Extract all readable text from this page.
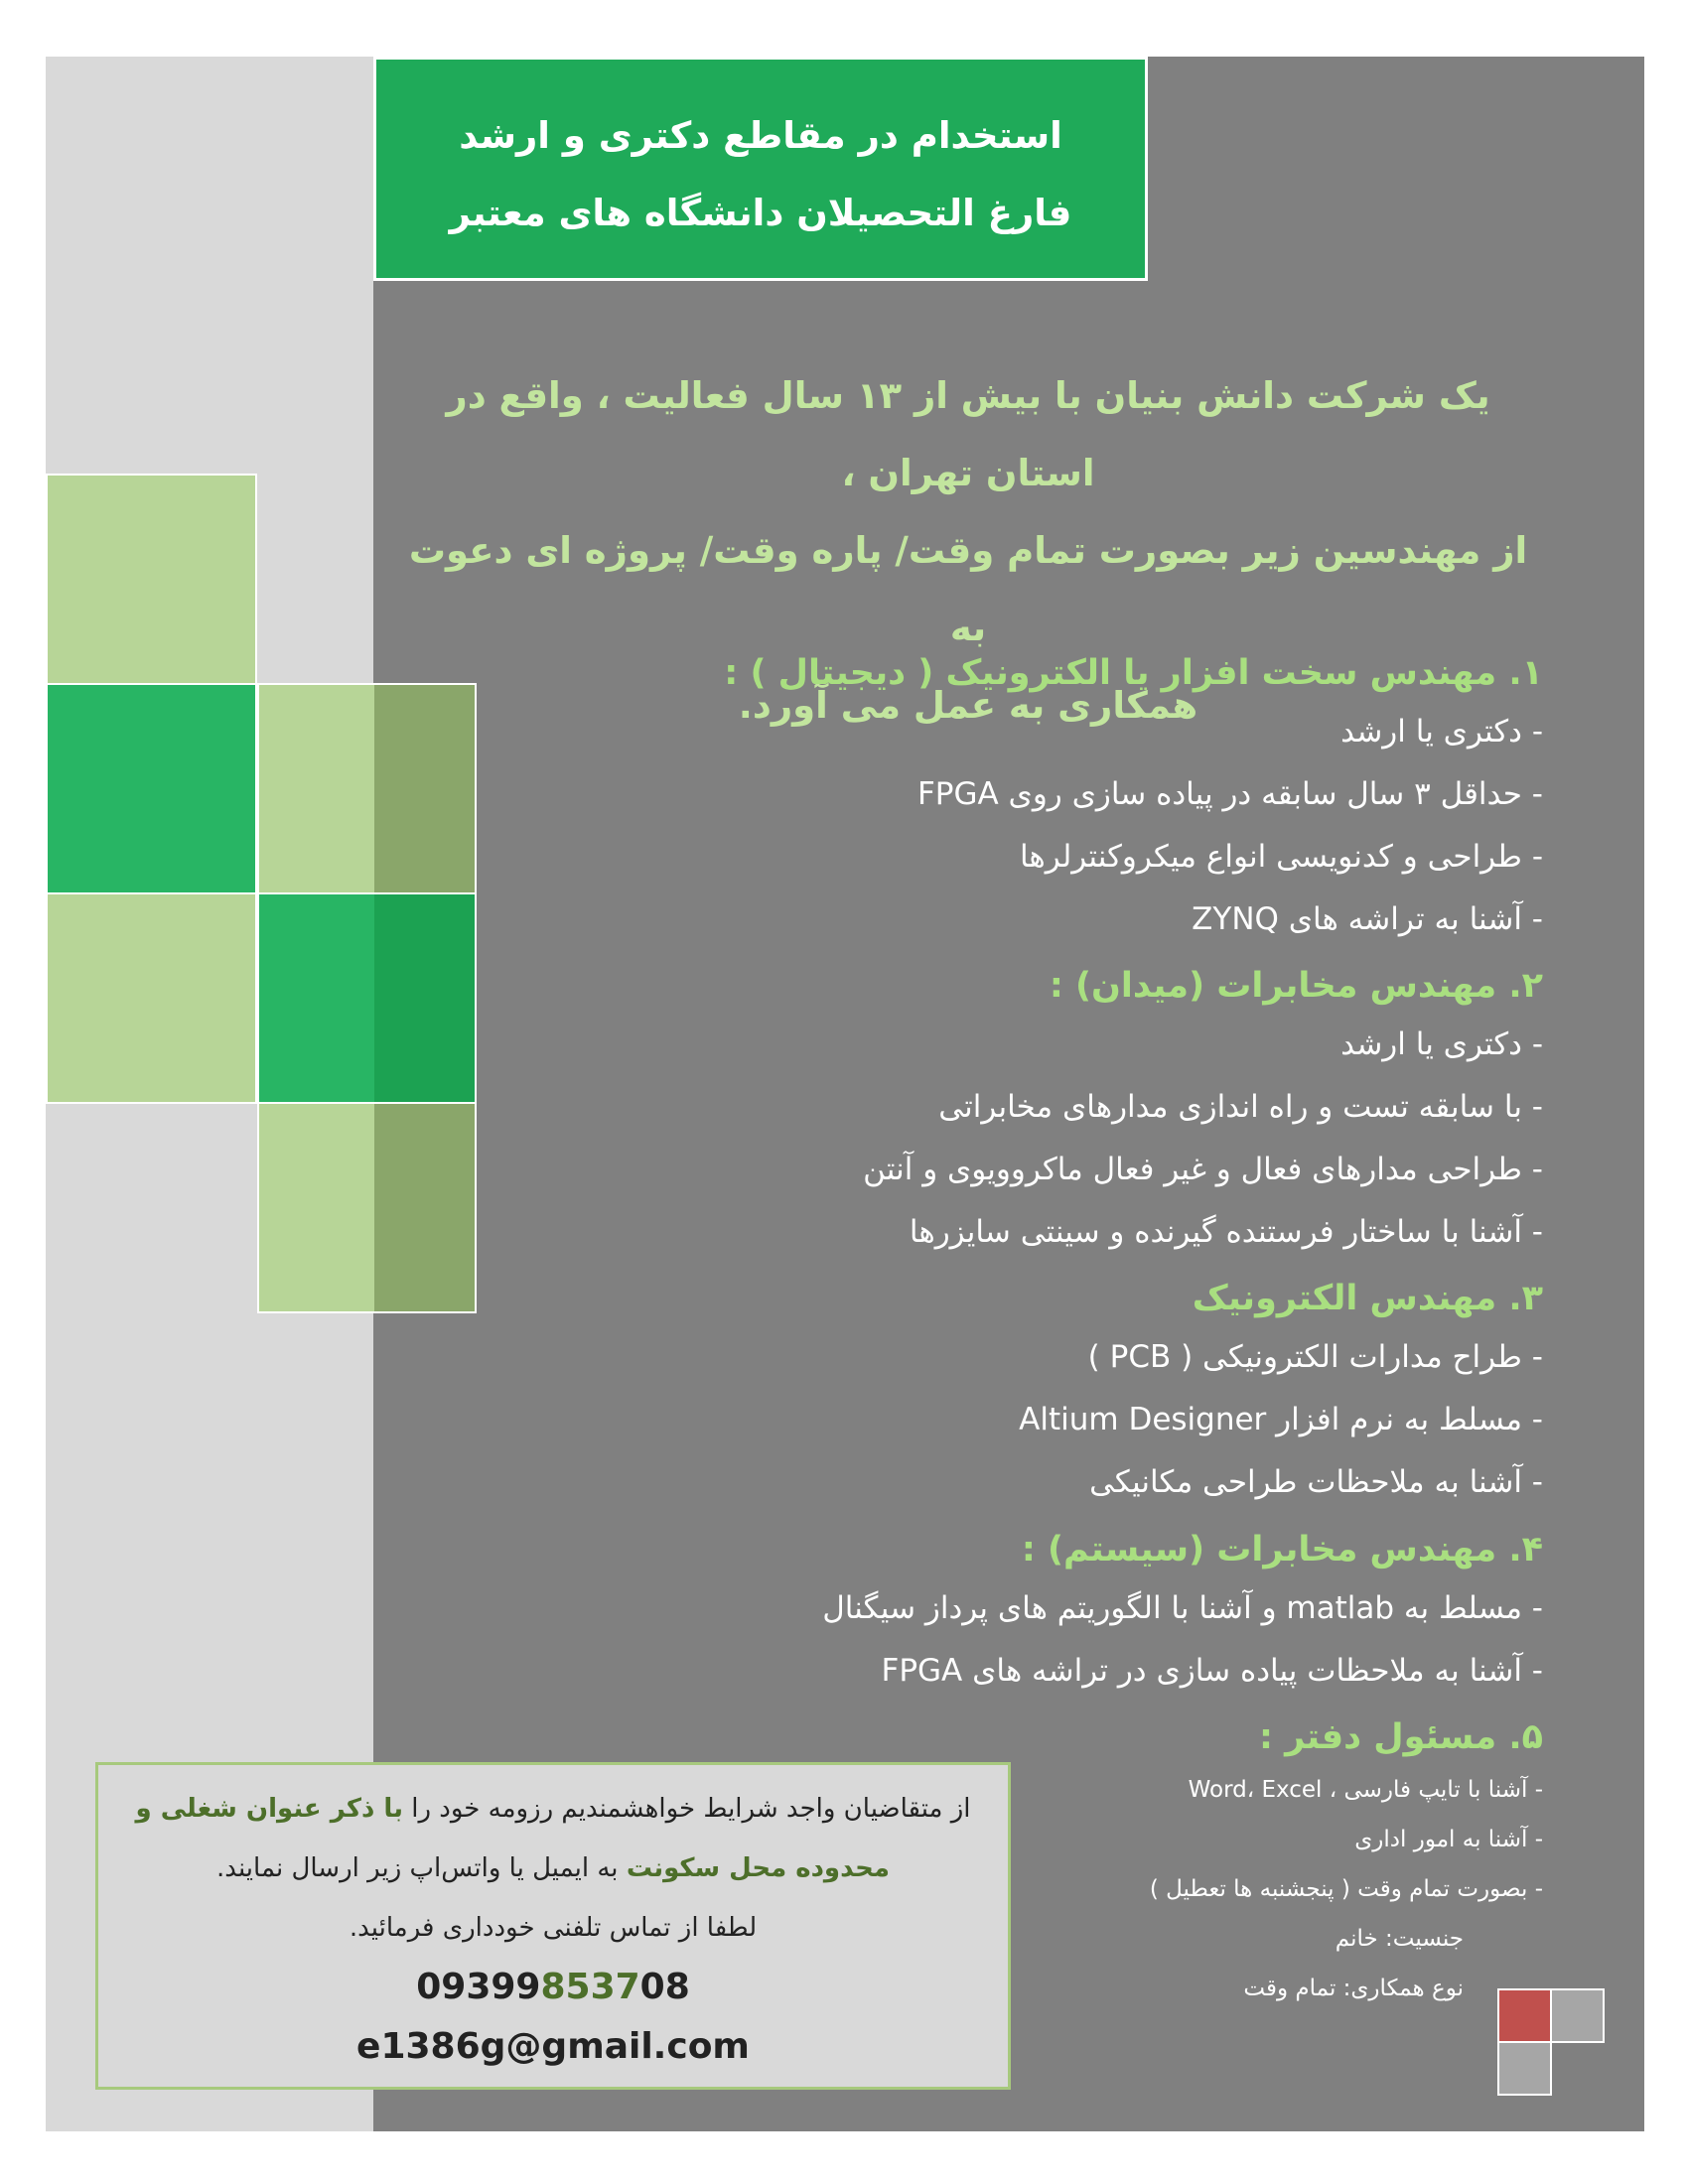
استخدام در مقاطع دکتری و ارشد
فارغ التحصیلان دانشگاه های معتبر
یک شرکت دانش بنیان با بیش از ۱۳ سال فعالیت ، واقع در استان تهران ،
از مهندسین زیر بصورت تمام وقت/ پاره وقت/ پروژه ای دعوت به
همکاری به عمل می آورد.
۱. مهندس سخت افزار یا الکترونیک ( دیجیتال ) :
- دکتری یا ارشد
- حداقل ۳ سال سابقه در پیاده سازی روی FPGA
- طراحی و کدنویسی انواع میکروکنترلرها
- آشنا به تراشه های ZYNQ
۲. مهندس مخابرات (میدان) :
- دکتری یا ارشد
- با سابقه تست و راه اندازی مدارهای مخابراتی
- طراحی مدارهای فعال و غیر فعال ماکروویوی و آنتن
- آشنا با ساختار فرستنده گیرنده و سینتی سایزرها
۳. مهندس الکترونیک
- طراح مدارات الکترونیکی ( PCB )
- مسلط به نرم افزار Altium Designer
- آشنا به ملاحظات طراحی مکانیکی
۴. مهندس مخابرات (سیستم) :
- مسلط به matlab و آشنا با الگوریتم های پرداز سیگنال
- آشنا به ملاحظات پیاده سازی در تراشه های FPGA
۵. مسئول دفتر :
- آشنا با تایپ فارسی ، Word، Excel
- آشنا به امور اداری
- بصورت تمام وقت ( پنجشنبه ها تعطیل )
جنسیت: خانم
نوع همکاری: تمام وقت
از متقاضیان واجد شرایط خواهشمندیم رزومه خود را با ذکر عنوان شغلی و
محدوده محل سکونت به ایمیل یا واتس‌اپ زیر ارسال نمایند.
لطفا از تماس تلفنی خودداری فرمائید.
09399853708
e1386g@gmail.com
